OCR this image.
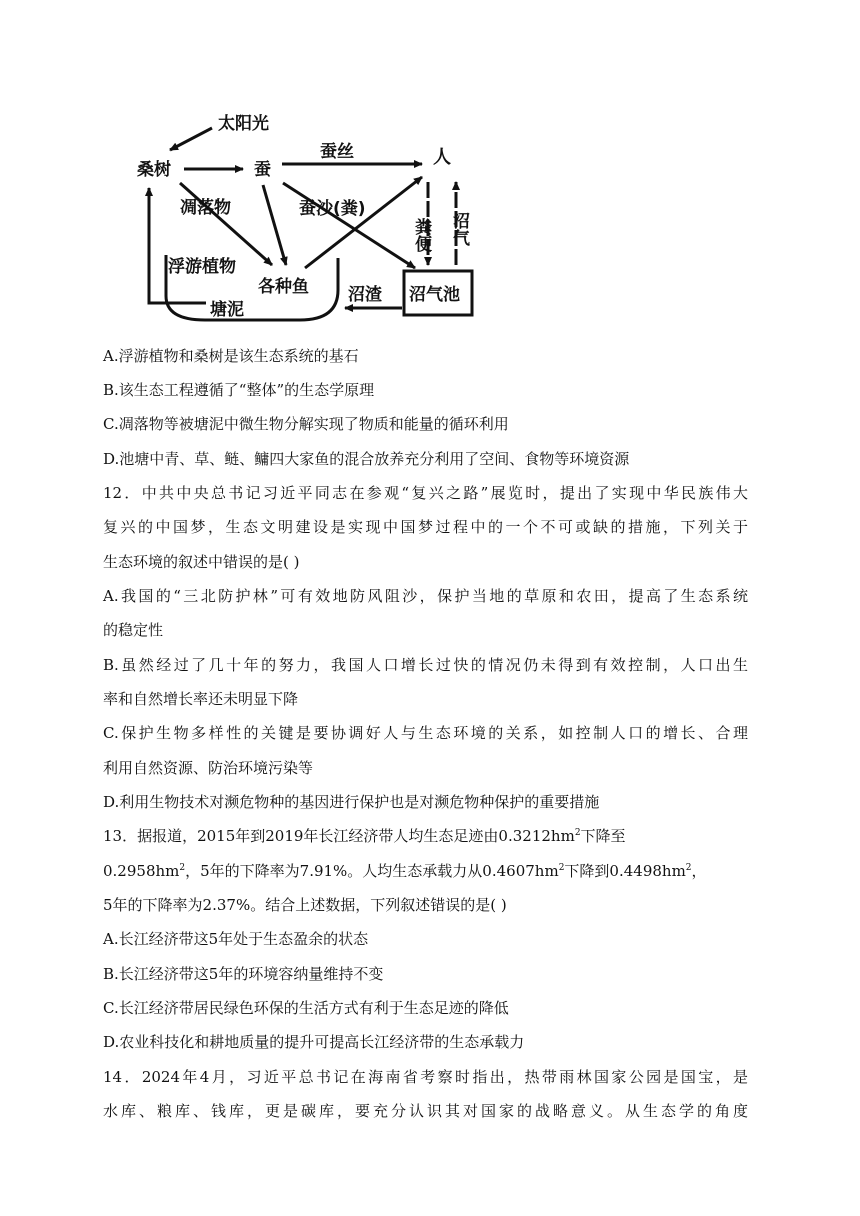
太阳光
桑树	蚕
人
浮游植物
各种鱼	沼气池
蚕丝
凋落物	蚕沙(粪)
粪便 沼气
沼渣
塘泥
A.浮游植物和桑树是该生态系统的基石
B.该生态工程遵循了“整体”的生态学原理
C.凋落物等被塘泥中微生物分解实现了物质和能量的循环利用
D.池塘中青、草、鲢、鳙四大家鱼的混合放养充分利用了空间、食物等环境资源
12．中共中央总书记习近平同志在参观“复兴之路”展览时，提出了实现中华民族伟大
复兴的中国梦，生态文明建设是实现中国梦过程中的一个不可或缺的措施，下列关于
生态环境的叙述中错误的是( )
A.我国的“三北防护林”可有效地防风阻沙，保护当地的草原和农田，提高了生态系统
的稳定性
B.虽然经过了几十年的努力，我国人口增长过快的情况仍未得到有效控制，人口出生
率和自然增长率还未明显下降
C.保护生物多样性的关键是要协调好人与生态环境的关系，如控制人口的增长、合理
利用自然资源、防治环境污染等
D.利用生物技术对濒危物种的基因进行保护也是对濒危物种保护的重要措施
13．据报道，2015年到2019年长江经济带人均生态足迹由$0.3212hm^2$下降至
$0.2958hm^2$，5年的下降率为7.91%。人均生态承载力从$0.4607hm^2$下降到$0.4498hm^2$，
5年的下降率为2.37%。结合上述数据，下列叙述错误的是( )
A.长江经济带这5年处于生态盈余的状态
B.长江经济带这5年的环境容纳量维持不变
C.长江经济带居民绿色环保的生活方式有利于生态足迹的降低
D.农业科技化和耕地质量的提升可提高长江经济带的生态承载力
14．2024年4月，习近平总书记在海南省考察时指出，热带雨林国家公园是国宝，是
水库、粮库、钱库，更是碳库，要充分认识其对国家的战略意义。从生态学的角度
